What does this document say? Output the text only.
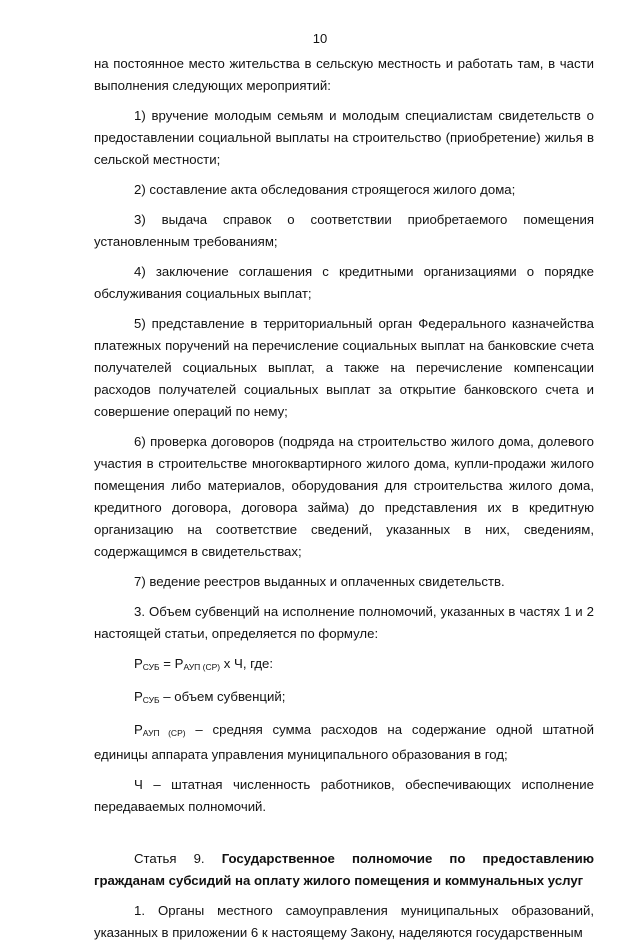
10

на постоянное место жительства в сельскую местность и работать там, в части выполнения следующих мероприятий:

1) вручение молодым семьям и молодым специалистам свидетельств о предоставлении социальной выплаты на строительство (приобретение) жилья в сельской местности;

2) составление акта обследования строящегося жилого дома;

3) выдача справок о соответствии приобретаемого помещения установленным требованиям;

4) заключение соглашения с кредитными организациями о порядке обслуживания социальных выплат;

5) представление в территориальный орган Федерального казначейства платежных поручений на перечисление социальных выплат на банковские счета получателей социальных выплат, а также на перечисление компенсации расходов получателей социальных выплат за открытие банковского счета и совершение операций по нему;

6) проверка договоров (подряда на строительство жилого дома, долевого участия в строительстве многоквартирного жилого дома, купли-продажи жилого помещения либо материалов, оборудования для строительства жилого дома, кредитного договора, договора займа) до представления их в кредитную организацию на соответствие сведений, указанных в них, сведениям, содержащимся в свидетельствах;

7) ведение реестров выданных и оплаченных свидетельств.

3. Объем субвенций на исполнение полномочий, указанных в частях 1 и 2 настоящей статьи, определяется по формуле:

$Р_{СУБ} = Р_{АУП (СР)}$ х Ч, где:

$Р_{СУБ}$ – объем субвенций;

$Р_{АУП (СР)}$ – средняя сумма расходов на содержание одной штатной единицы аппарата управления муниципального образования в год;

Ч – штатная численность работников, обеспечивающих исполнение передаваемых полномочий.

Статья 9. Государственное полномочие по предоставлению гражданам субсидий на оплату жилого помещения и коммунальных услуг

1. Органы местного самоуправления муниципальных образований, указанных в приложении 6 к настоящему Закону, наделяются государственным
